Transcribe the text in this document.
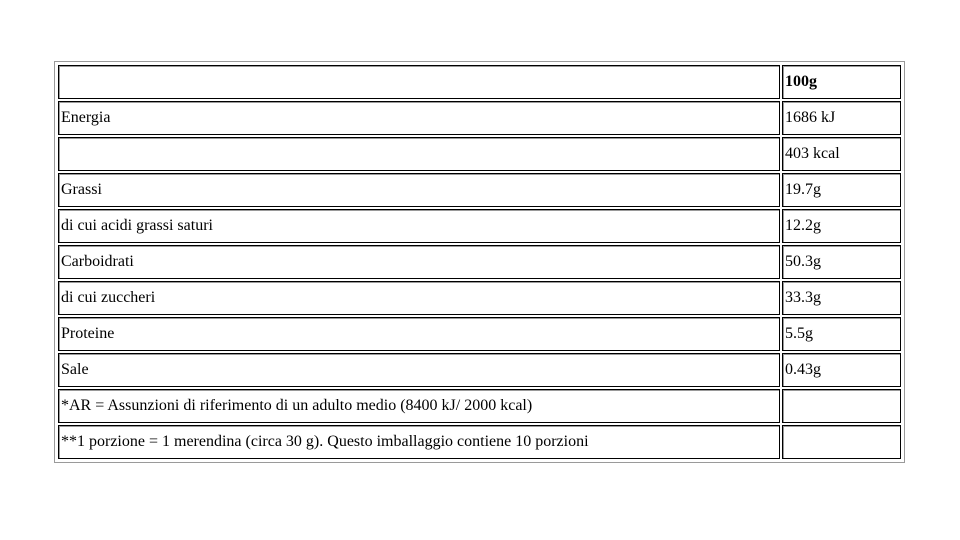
	100g
Energia	1686 kJ
	403 kcal
Grassi	19.7g
di cui acidi grassi saturi	12.2g
Carboidrati	50.3g
di cui zuccheri	33.3g
Proteine	5.5g
Sale	0.43g
*AR = Assunzioni di riferimento di un adulto medio (8400 kJ/ 2000 kcal)	
**1 porzione = 1 merendina (circa 30 g). Questo imballaggio contiene 10 porzioni	
